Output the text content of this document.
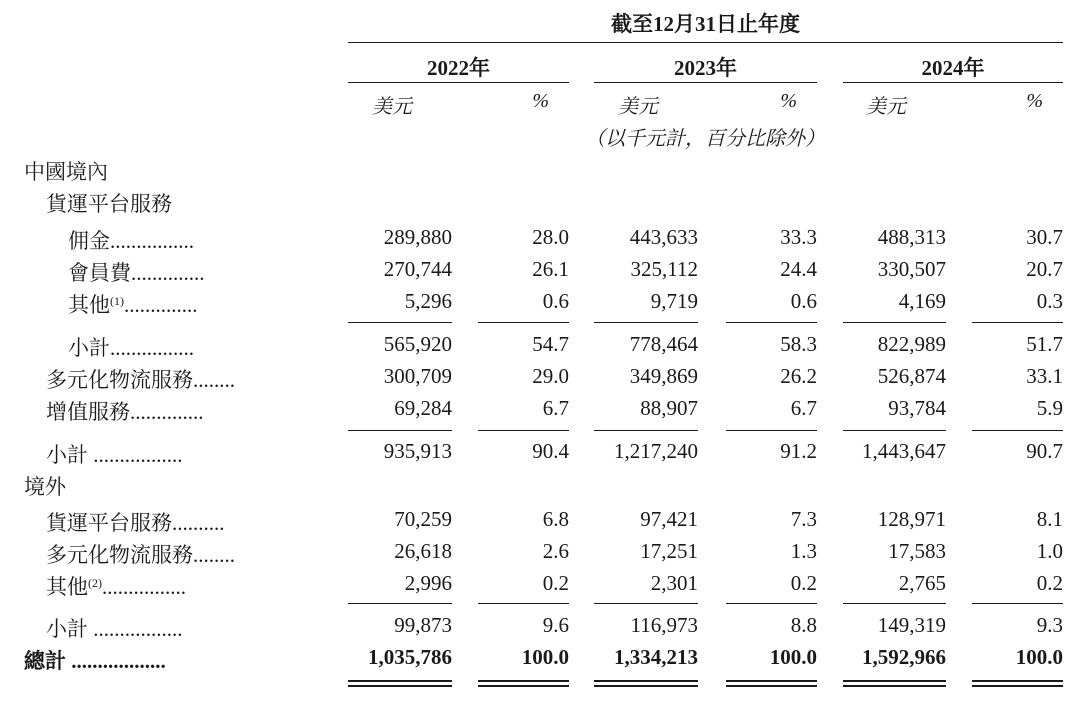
截至12月31日止年度
2022年
美元	%
2023年
美元	%
2024年
美元	%
（以千元計，百分比除外）
中國境內
貨運平台服務
佣金................	289,880	28.0	443,633	33.3	488,313	30.7
會員費..............	270,744	26.1	325,112	24.4	330,507	20.7
其他$^{(1)}$..............	5,296	0.6	9,719	0.6	4,169	0.3
小計................	565,920	54.7	778,464	58.3	822,989	51.7
多元化物流服務........	300,709	29.0	349,869	26.2	526,874	33.1
增值服務..............	69,284	6.7	88,907	6.7	93,784	5.9
小計 .................	935,913	90.4	1,217,240	91.2	1,443,647	90.7
境外
貨運平台服務..........	70,259	6.8	97,421	7.3	128,971	8.1
多元化物流服務........	26,618	2.6	17,251	1.3	17,583	1.0
其他$^{(2)}$................	2,996	0.2	2,301	0.2	2,765	0.2
小計 .................	99,873	9.6	116,973	8.8	149,319	9.3
總計 ..................	1,035,786	100.0	1,334,213	100.0	1,592,966	100.0
